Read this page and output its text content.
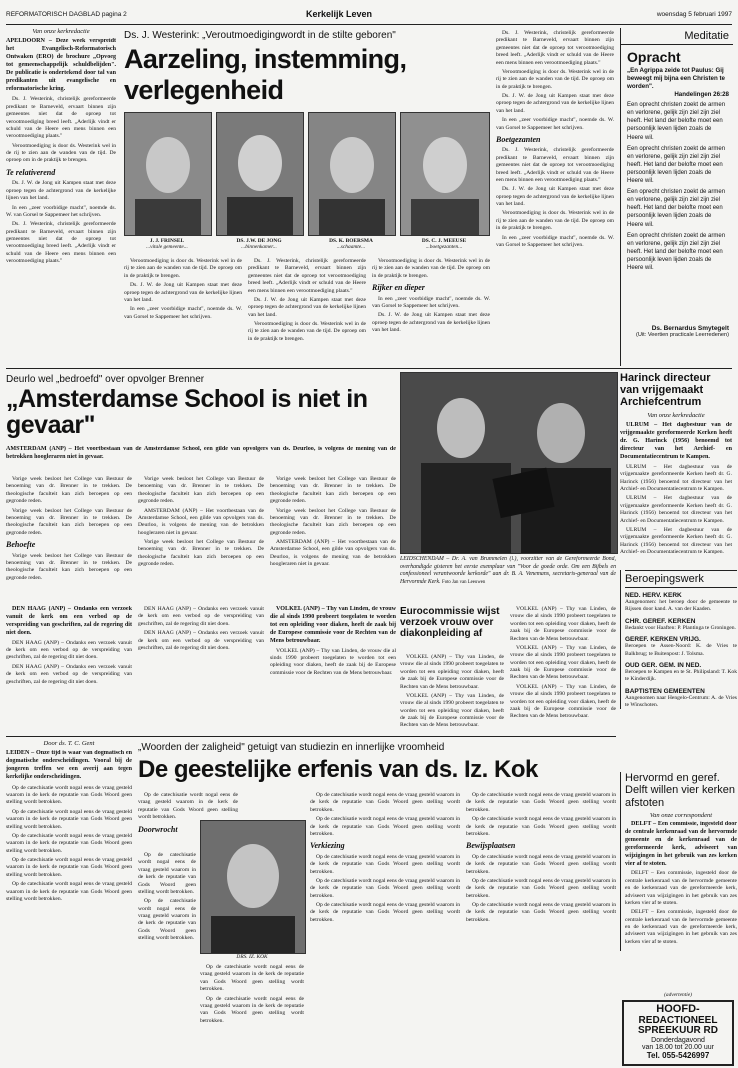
REFORMATORISCH DAGBLAD pagina 2	Kerkelijk Leven	woensdag 5 februari 1997
Van onze kerkredactie
APELDOORN – Deze week verspreidt het Evangelisch-Reformatorisch Ontwaken (ERO) de brochure „Opvoeg tot gemeenschappelijk schuldbelijden". De publicatie is ondertekend door tal van predikanten uit evangelische en reformatorische kring.

Ds. J. Westerink, christelijk gereformeerde predikant te Barneveld, ervaart binnen zijn gemeentes niet dat de oproep tot verootmoediging breed leeft. „Aderlijk vindt er schuld van de Heere een mens binnen een verootmoediging plaats."

Verootmoediging is door ds. Westerink wel in de rij te zien aan de wanden van de tijd. De oproep om in de praktijk te brengen.

Te relativerend

Ds. J. W. de Jong uit Kampen staat met deze oproep tegen de achtergrond van de kerkelijke lijnen van het land.

In een „zeer voorbidige macht", noemde ds. W. van Gorsel te Sappemeer het schrijven.

Ds. J. Westerink, christelijk gereformeerde predikant te Barneveld, ervaart binnen zijn gemeentes niet dat de oproep tot verootmoediging breed leeft. „Aderlijk vindt er schuld van de Heere een mens binnen een verootmoediging plaats."

Ds. J. Westerink: „Veroutmoedigingwordt in de stilte geboren"
Aarzeling, instemming, verlegenheid
J. J. FRINSEL
...vitale gemeente...
DS. J.W. DE JONG
...binnenkamer...
DS. K. BOERSMA
...schaamte...
DS. C. J. MEEUSE
...boetgezanten...

Verootmoediging is door ds. Westerink wel in de rij te zien aan de wanden van de tijd. De oproep om in de praktijk te brengen.

Ds. J. W. de Jong uit Kampen staat met deze oproep tegen de achtergrond van de kerkelijke lijnen van het land.

In een „zeer voorbidige macht", noemde ds. W. van Gorsel te Sappemeer het schrijven.

Ds. J. Westerink, christelijk gereformeerde predikant te Barneveld, ervaart binnen zijn gemeentes niet dat de oproep tot verootmoediging breed leeft. „Aderlijk vindt er schuld van de Heere een mens binnen een verootmoediging plaats."

Ds. J. W. de Jong uit Kampen staat met deze oproep tegen de achtergrond van de kerkelijke lijnen van het land.

Verootmoediging is door ds. Westerink wel in de rij te zien aan de wanden van de tijd. De oproep om in de praktijk te brengen.

Verootmoediging is door ds. Westerink wel in de rij te zien aan de wanden van de tijd. De oproep om in de praktijk te brengen.

Rijker en dieper

In een „zeer voorbidige macht", noemde ds. W. van Gorsel te Sappemeer het schrijven.

Ds. J. W. de Jong uit Kampen staat met deze oproep tegen de achtergrond van de kerkelijke lijnen van het land.

Ds. J. Westerink, christelijk gereformeerde predikant te Barneveld, ervaart binnen zijn gemeentes niet dat de oproep tot verootmoediging breed leeft. „Aderlijk vindt er schuld van de Heere een mens binnen een verootmoediging plaats."

Verootmoediging is door ds. Westerink wel in de rij te zien aan de wanden van de tijd. De oproep om in de praktijk te brengen.

Ds. J. W. de Jong uit Kampen staat met deze oproep tegen de achtergrond van de kerkelijke lijnen van het land.

In een „zeer voorbidige macht", noemde ds. W. van Gorsel te Sappemeer het schrijven.

Boetgezanten

Ds. J. Westerink, christelijk gereformeerde predikant te Barneveld, ervaart binnen zijn gemeentes niet dat de oproep tot verootmoediging breed leeft. „Aderlijk vindt er schuld van de Heere een mens binnen een verootmoediging plaats."

Ds. J. W. de Jong uit Kampen staat met deze oproep tegen de achtergrond van de kerkelijke lijnen van het land.

Verootmoediging is door ds. Westerink wel in de rij te zien aan de wanden van de tijd. De oproep om in de praktijk te brengen.

In een „zeer voorbidige macht", noemde ds. W. van Gorsel te Sappemeer het schrijven.

Meditatie
Opracht
„En Agrippa zeide tot Paulus: Gij beweegt mij bijna een Christen te worden".
Handelingen 26:28

Een oprecht christen zoekt de armen en verlorene, gelijk zijn ziel zijn ziel heeft. Het land der belofte moet een persoonlijk leven lijden zoals de Heere wil.

Een oprecht christen zoekt de armen en verlorene, gelijk zijn ziel zijn ziel heeft. Het land der belofte moet een persoonlijk leven lijden zoals de Heere wil.

Een oprecht christen zoekt de armen en verlorene, gelijk zijn ziel zijn ziel heeft. Het land der belofte moet een persoonlijk leven lijden zoals de Heere wil.

Een oprecht christen zoekt de armen en verlorene, gelijk zijn ziel zijn ziel heeft. Het land der belofte moet een persoonlijk leven lijden zoals de Heere wil.

Ds. Bernardus Smytegelt
(Uit: Veertien practicale Leerredenen)
Deurlo wel „bedroefd" over opvolger Brenner
„Amsterdamse School is niet in gevaar"
AMSTERDAM (ANP) – Het voortbestaan van de Amsterdamse School, een gilde van opvolgers van ds. Deurloo, is volgens de mening van de betrokken hoogleraren niet in gevaar.

Vorige week besloot het College van Bestuur de benoeming van dr. Brenner in te trekken. De theologische faculteit kan zich beroepen op een gegronde reden.

Vorige week besloot het College van Bestuur de benoeming van dr. Brenner in te trekken. De theologische faculteit kan zich beroepen op een gegronde reden.

Behoefte

Vorige week besloot het College van Bestuur de benoeming van dr. Brenner in te trekken. De theologische faculteit kan zich beroepen op een gegronde reden.

Vorige week besloot het College van Bestuur de benoeming van dr. Brenner in te trekken. De theologische faculteit kan zich beroepen op een gegronde reden.

AMSTERDAM (ANP) – Het voortbestaan van de Amsterdamse School, een gilde van opvolgers van ds. Deurloo, is volgens de mening van de betrokken hoogleraren niet in gevaar.

Vorige week besloot het College van Bestuur de benoeming van dr. Brenner in te trekken. De theologische faculteit kan zich beroepen op een gegronde reden.

Vorige week besloot het College van Bestuur de benoeming van dr. Brenner in te trekken. De theologische faculteit kan zich beroepen op een gegronde reden.

Vorige week besloot het College van Bestuur de benoeming van dr. Brenner in te trekken. De theologische faculteit kan zich beroepen op een gegronde reden.

AMSTERDAM (ANP) – Het voortbestaan van de Amsterdamse School, een gilde van opvolgers van ds. Deurloo, is volgens de mening van de betrokken hoogleraren niet in gevaar.

LEIDSCHENDAM – Dr. A. van Brummelen (l.), voorzitter van de Gereformeerde Bond, overhandigde gisteren het eerste exemplaar van "Voor de goede orde. Om een Bijbels en confessioneel verantwoorde kerkorde" aan dr. B. A. Venemans, secretaris-generaal van de Hervormde Kerk. Foto Jan van Leeuwen
Harinck directeur van vrijgemaakt Archiefcentrum
Van onze kerkredactie

ULRUM – Het dagbestuur van de vrijgemaakte gereformeerde Kerken heeft dr. G. Harinck (1956) benoemd tot directeur van het Archief- en Documentatiecentrum te Kampen.

ULRUM – Het dagbestuur van de vrijgemaakte gereformeerde Kerken heeft dr. G. Harinck (1956) benoemd tot directeur van het Archief- en Documentatiecentrum te Kampen.

ULRUM – Het dagbestuur van de vrijgemaakte gereformeerde Kerken heeft dr. G. Harinck (1956) benoemd tot directeur van het Archief- en Documentatiecentrum te Kampen.

ULRUM – Het dagbestuur van de vrijgemaakte gereformeerde Kerken heeft dr. G. Harinck (1956) benoemd tot directeur van het Archief- en Documentatiecentrum te Kampen.

DEN HAAG (ANP) – Ondanks een verzoek vanuit de kerk om een verbod op de verspreiding van geschriften, zal de regering dit niet doen.

DEN HAAG (ANP) – Ondanks een verzoek vanuit de kerk om een verbod op de verspreiding van geschriften, zal de regering dit niet doen.

DEN HAAG (ANP) – Ondanks een verzoek vanuit de kerk om een verbod op de verspreiding van geschriften, zal de regering dit niet doen.

DEN HAAG (ANP) – Ondanks een verzoek vanuit de kerk om een verbod op de verspreiding van geschriften, zal de regering dit niet doen.

DEN HAAG (ANP) – Ondanks een verzoek vanuit de kerk om een verbod op de verspreiding van geschriften, zal de regering dit niet doen.

VOLKEL (ANP) – Thy van Linden, de vrouw die al sinds 1990 probeert toegelaten te worden tot een opleiding voor diaken, heeft de zaak bij de Europese commissie voor de Rechten van de Mens betrouwbaar.

VOLKEL (ANP) – Thy van Linden, de vrouw die al sinds 1990 probeert toegelaten te worden tot een opleiding voor diaken, heeft de zaak bij de Europese commissie voor de Rechten van de Mens betrouwbaar.

Eurocommissie wijst verzoek vrouw over diakonpleiding af

VOLKEL (ANP) – Thy van Linden, de vrouw die al sinds 1990 probeert toegelaten te worden tot een opleiding voor diaken, heeft de zaak bij de Europese commissie voor de Rechten van de Mens betrouwbaar.

VOLKEL (ANP) – Thy van Linden, de vrouw die al sinds 1990 probeert toegelaten te worden tot een opleiding voor diaken, heeft de zaak bij de Europese commissie voor de Rechten van de Mens betrouwbaar.

VOLKEL (ANP) – Thy van Linden, de vrouw die al sinds 1990 probeert toegelaten te worden tot een opleiding voor diaken, heeft de zaak bij de Europese commissie voor de Rechten van de Mens betrouwbaar.

VOLKEL (ANP) – Thy van Linden, de vrouw die al sinds 1990 probeert toegelaten te worden tot een opleiding voor diaken, heeft de zaak bij de Europese commissie voor de Rechten van de Mens betrouwbaar.

VOLKEL (ANP) – Thy van Linden, de vrouw die al sinds 1990 probeert toegelaten te worden tot een opleiding voor diaken, heeft de zaak bij de Europese commissie voor de Rechten van de Mens betrouwbaar.

Door ds. T. C. Gent
LEIDEN – Onze tijd is waar van dogmatisch en dogmatische onderscheidingen. Vooral bij de jongeren treffen we een averij aan tegen kerkelijke onderscheidingen.

Op de catechisatie wordt nogal eens de vraag gesteld waarom in de kerk de reputatie van Gods Woord geen stelling wordt betrokken.

Op de catechisatie wordt nogal eens de vraag gesteld waarom in de kerk de reputatie van Gods Woord geen stelling wordt betrokken.

Op de catechisatie wordt nogal eens de vraag gesteld waarom in de kerk de reputatie van Gods Woord geen stelling wordt betrokken.

Op de catechisatie wordt nogal eens de vraag gesteld waarom in de kerk de reputatie van Gods Woord geen stelling wordt betrokken.

Op de catechisatie wordt nogal eens de vraag gesteld waarom in de kerk de reputatie van Gods Woord geen stelling wordt betrokken.

„Woorden der zaligheid" getuigt van studiezin en innerlijke vroomheid
De geestelijke erfenis van ds. Iz. Kok

Op de catechisatie wordt nogal eens de vraag gesteld waarom in de kerk de reputatie van Gods Woord geen stelling wordt betrokken.

Doorwrocht
DRS. IZ. KOK

Op de catechisatie wordt nogal eens de vraag gesteld waarom in de kerk de reputatie van Gods Woord geen stelling wordt betrokken.

Op de catechisatie wordt nogal eens de vraag gesteld waarom in de kerk de reputatie van Gods Woord geen stelling wordt betrokken.

Op de catechisatie wordt nogal eens de vraag gesteld waarom in de kerk de reputatie van Gods Woord geen stelling wordt betrokken.

Op de catechisatie wordt nogal eens de vraag gesteld waarom in de kerk de reputatie van Gods Woord geen stelling wordt betrokken.

Op de catechisatie wordt nogal eens de vraag gesteld waarom in de kerk de reputatie van Gods Woord geen stelling wordt betrokken.

Op de catechisatie wordt nogal eens de vraag gesteld waarom in de kerk de reputatie van Gods Woord geen stelling wordt betrokken.

Verkiezing

Op de catechisatie wordt nogal eens de vraag gesteld waarom in de kerk de reputatie van Gods Woord geen stelling wordt betrokken.

Op de catechisatie wordt nogal eens de vraag gesteld waarom in de kerk de reputatie van Gods Woord geen stelling wordt betrokken.

Op de catechisatie wordt nogal eens de vraag gesteld waarom in de kerk de reputatie van Gods Woord geen stelling wordt betrokken.

Op de catechisatie wordt nogal eens de vraag gesteld waarom in de kerk de reputatie van Gods Woord geen stelling wordt betrokken.

Op de catechisatie wordt nogal eens de vraag gesteld waarom in de kerk de reputatie van Gods Woord geen stelling wordt betrokken.

Bewijsplaatsen

Op de catechisatie wordt nogal eens de vraag gesteld waarom in de kerk de reputatie van Gods Woord geen stelling wordt betrokken.

Op de catechisatie wordt nogal eens de vraag gesteld waarom in de kerk de reputatie van Gods Woord geen stelling wordt betrokken.

Op de catechisatie wordt nogal eens de vraag gesteld waarom in de kerk de reputatie van Gods Woord geen stelling wordt betrokken.

Beroepingswerk
NED. HERV. KERK
Aangenomen: het beroep door de gemeente te Rijssen door kand. A. van der Kaaden.
CHR. GEREF. KERKEN
Bedankt voor Haaften: P. Plantinga te Groningen.
GEREF. KERKEN VRIJG.
Beroepen te Assen-Noord: K. de Vries te Balkbrug; te Buitenpost: J. Tolsma.
OUD GER. GEM. IN NED.
Beroepen te Kampen en te St. Philipsland: T. Kok te Kinderdijk.
BAPTISTEN GEMEENTEN
Aangenomen naar Hengelo-Centrum: A. de Vries te Winschoten.
Hervormd en geref. Delft willen vier kerken afstoten
Van onze correspondent

DELFT – Een commissie, ingesteld door de centrale kerkenraad van de hervormde gemeente en de kerkenraad van de gereformeerde kerk, adviseert van wijzigingen in het gebruik van zes kerken vier af te stoten.

DELFT – Een commissie, ingesteld door de centrale kerkenraad van de hervormde gemeente en de kerkenraad van de gereformeerde kerk, adviseert van wijzigingen in het gebruik van zes kerken vier af te stoten.

DELFT – Een commissie, ingesteld door de centrale kerkenraad van de hervormde gemeente en de kerkenraad van de gereformeerde kerk, adviseert van wijzigingen in het gebruik van zes kerken vier af te stoten.

(advertentie)
HOOFD-
REDACTIONEEL
SPREEKUUR RD
Donderdagavond
van 18.00 tot 20.00 uur
Tel. 055-5426997
